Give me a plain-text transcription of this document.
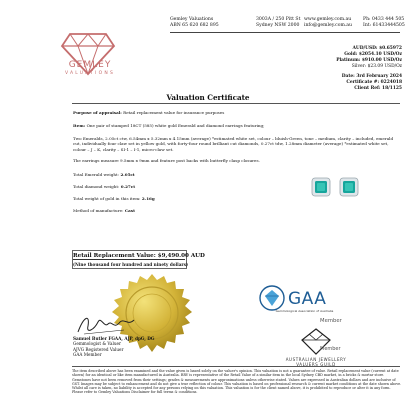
GEMLEY
VALUATIONS
Gemley Valuations
ABN 65 620 682 895
3003A / 250 Pitt St
Sydney NSW 2000
www.gemley.com.au
info@gemley.com.au
Ph: 0433 444 505
Int: 61433444505
AUD/USD: $0.65972
Gold: $2054.10 USD/Oz
Platinum: $910.00 USD/Oz
Silver: $23.09 USD/Oz
Date: 3rd February 2024
Certificate #: 0224018
Client Ref: 18/1125
Valuation Certificate
Purpose of appraisal: Retail replacement value for insurance purposes
Item: One pair of stamped 18CT (585) white gold Emerald and diamond earrings featuring;
Two Emeralds, 2.05ct ctw, 6.54mm x 5.32mm x 4.15mm (average) *estimated white set, colour – bluish-Green, tone – medium, clarity – included, emerald cut, individually four claw set in yellow gold, with forty-four round brilliant cut diamonds, 0.27ct tdw, 1.28mm diameter (average) *estimated white set, colour – J – K, clarity – SI-1 – I-1, micro-claw set.
The earrings measure 9.5mm x 9mm and feature post backs with butterfly clasp closures.
Total Emerald weight: 2.05ct
Total diamond weight: 0.27ct
Total weight of gold in this item: 2.16g
Method of manufacture: Cast
Retail Replacement Value: $9,490.00 AUD
(Nine thousand four hundred and ninety dollars)
Samuel Butler FGAA, AJP, dpG, DG
Gemmologist & Valuer
AJVG Registered Valuer
GAA Member
GAA
Gemmological Association of Australia
Member
Member
AUSTRALIAN JEWELLERY
VALUERS GUILD
The item described above has been examined and the value given is based solely on the valuer's opinion. This valuation is not a guarantee of value. Retail replacement value (current at date shown) for an identical or like item manufactured in Australia. RRV is representative of the Retail Value of a similar item in the local Sydney CBD market, in a bricks & mortar store. Gemstones have not been removed from their settings; grades & measurements are approximations unless otherwise stated. Values are expressed in Australian dollars and are inclusive of GST. Images may be subject to enhancement and do not give a true reflection of colour. This valuation is based on professional research & current market conditions at the date shown above. Whilst all care is taken, no liability is accepted for any persons relying on this valuation. This valuation is for the client named above, it is prohibited to reproduce or alter it in any form. Please refer to Gemley Valuations Disclaimer for full terms & conditions.
